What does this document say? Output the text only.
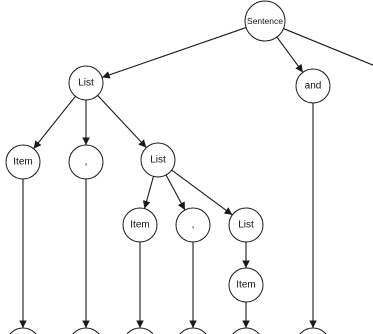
Sentence
List	and
Item	,	List
Item	,	List
Item
